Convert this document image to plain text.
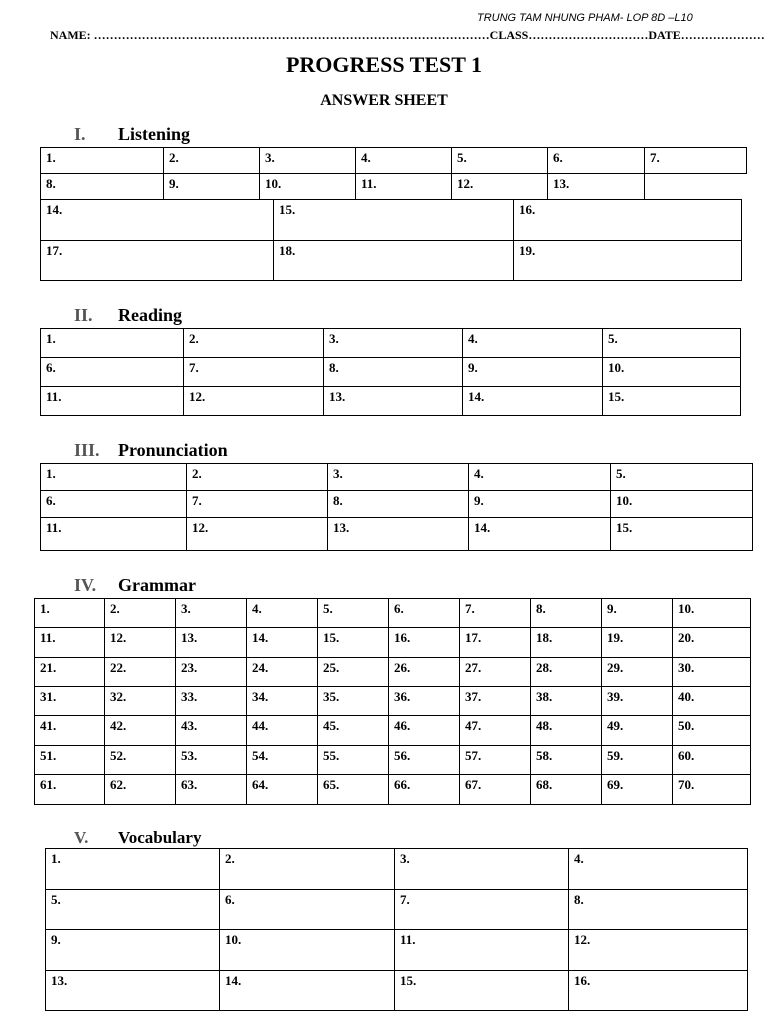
TRUNG TAM NHUNG PHAM- LOP 8D –L10
NAME: ………………………………………………………………………………………CLASS…………………………DATE…………………
PROGRESS TEST 1
ANSWER SHEET
I. Listening
1.	2.	3.	4.	5.	6.	7.
8.	9.	10.	11.	12.	13.	
14.	15.	16.
17.	18.	19.
II. Reading
1.	2.	3.	4.	5.
6.	7.	8.	9.	10.
11.	12.	13.	14.	15.
III. Pronunciation
1.	2.	3.	4.	5.
6.	7.	8.	9.	10.
11.	12.	13.	14.	15.
IV. Grammar
1.	2.	3.	4.	5.	6.	7.	8.	9.	10.
11.	12.	13.	14.	15.	16.	17.	18.	19.	20.
21.	22.	23.	24.	25.	26.	27.	28.	29.	30.
31.	32.	33.	34.	35.	36.	37.	38.	39.	40.
41.	42.	43.	44.	45.	46.	47.	48.	49.	50.
51.	52.	53.	54.	55.	56.	57.	58.	59.	60.
61.	62.	63.	64.	65.	66.	67.	68.	69.	70.
V. Vocabulary
1.	2.	3.	4.
5.	6.	7.	8.
9.	10.	11.	12.
13.	14.	15.	16.
